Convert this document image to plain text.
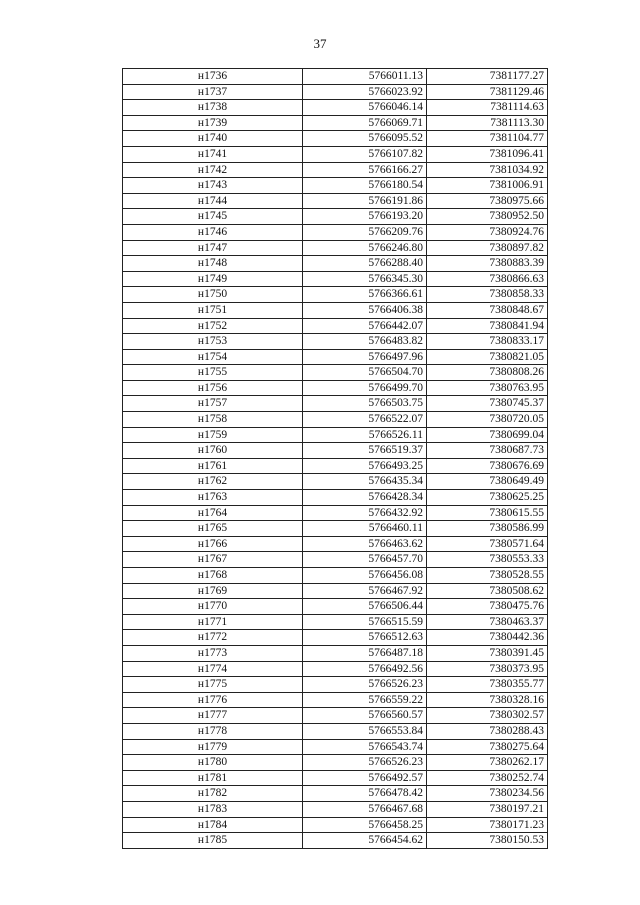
37
н1736	5766011.13	7381177.27
н1737	5766023.92	7381129.46
н1738	5766046.14	7381114.63
н1739	5766069.71	7381113.30
н1740	5766095.52	7381104.77
н1741	5766107.82	7381096.41
н1742	5766166.27	7381034.92
н1743	5766180.54	7381006.91
н1744	5766191.86	7380975.66
н1745	5766193.20	7380952.50
н1746	5766209.76	7380924.76
н1747	5766246.80	7380897.82
н1748	5766288.40	7380883.39
н1749	5766345.30	7380866.63
н1750	5766366.61	7380858.33
н1751	5766406.38	7380848.67
н1752	5766442.07	7380841.94
н1753	5766483.82	7380833.17
н1754	5766497.96	7380821.05
н1755	5766504.70	7380808.26
н1756	5766499.70	7380763.95
н1757	5766503.75	7380745.37
н1758	5766522.07	7380720.05
н1759	5766526.11	7380699.04
н1760	5766519.37	7380687.73
н1761	5766493.25	7380676.69
н1762	5766435.34	7380649.49
н1763	5766428.34	7380625.25
н1764	5766432.92	7380615.55
н1765	5766460.11	7380586.99
н1766	5766463.62	7380571.64
н1767	5766457.70	7380553.33
н1768	5766456.08	7380528.55
н1769	5766467.92	7380508.62
н1770	5766506.44	7380475.76
н1771	5766515.59	7380463.37
н1772	5766512.63	7380442.36
н1773	5766487.18	7380391.45
н1774	5766492.56	7380373.95
н1775	5766526.23	7380355.77
н1776	5766559.22	7380328.16
н1777	5766560.57	7380302.57
н1778	5766553.84	7380288.43
н1779	5766543.74	7380275.64
н1780	5766526.23	7380262.17
н1781	5766492.57	7380252.74
н1782	5766478.42	7380234.56
н1783	5766467.68	7380197.21
н1784	5766458.25	7380171.23
н1785	5766454.62	7380150.53
